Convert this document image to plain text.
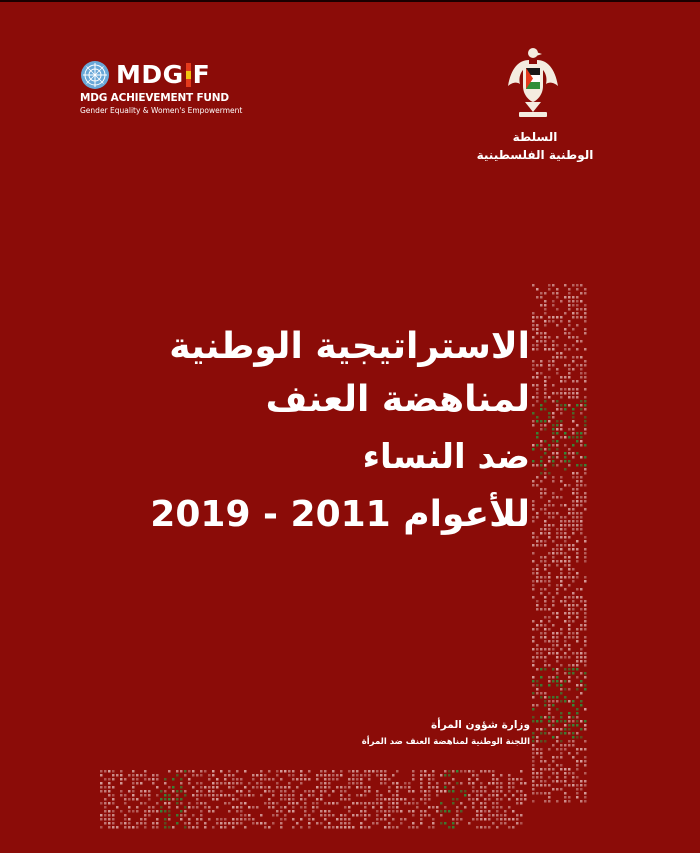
MDG F
MDG ACHIEVEMENT FUND
Gender Equality & Women's Empowerment
السلطة
الوطنية الفلسطينية
الاستراتيجية الوطنية
لمناهضة العنف
ضد النساء
للأعوام 2011 - 2019
وزارة شؤون المرأة
اللجنة الوطنية لمناهضة العنف ضد المرأة
